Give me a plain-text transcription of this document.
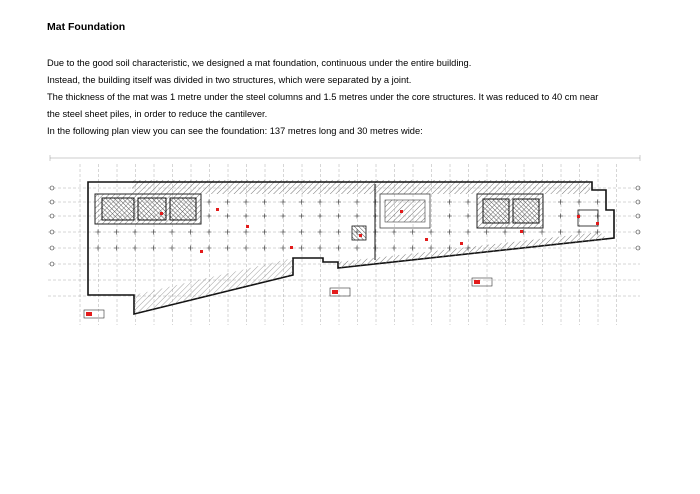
Mat Foundation
Due to the good soil characteristic, we designed a mat foundation, continuous under the entire building.
Instead, the building itself was divided in two structures, which were separated by a joint.
The thickness of the mat was 1 metre under the steel columns and 1.5 metres under the core structures. It was reduced to 40 cm near
the steel sheet piles, in order to reduce the cantilever.
In the following plan view you can see the foundation: 137 metres long and 30 metres wide:
